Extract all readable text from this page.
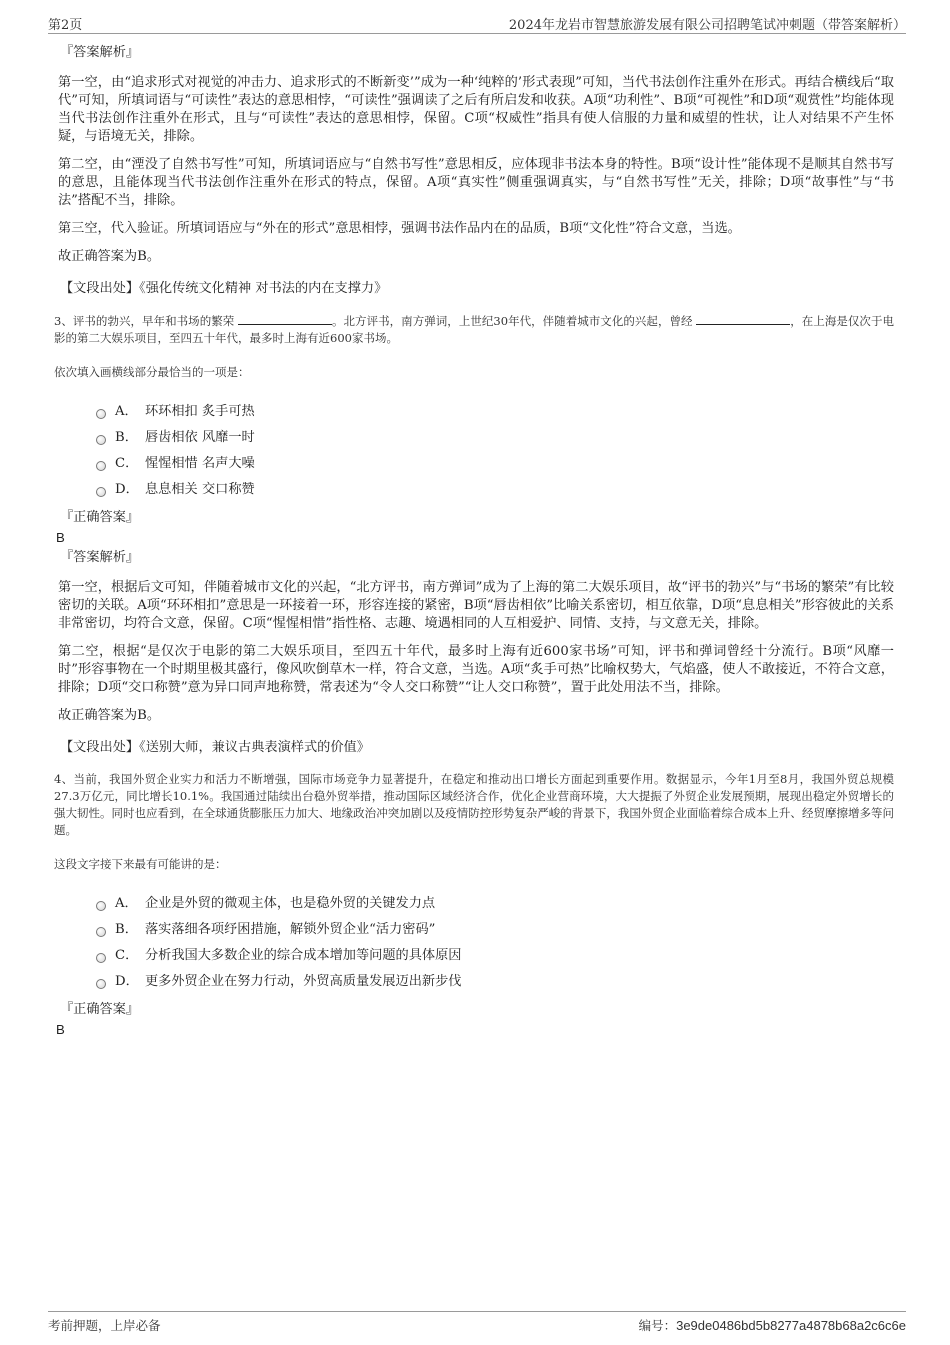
第2页	2024年龙岩市智慧旅游发展有限公司招聘笔试冲刺题（带答案解析）
『答案解析』
第一空，由“追求形式对视觉的冲击力、追求形式的不断新变’”成为一种‘纯粹的’形式表现”可知，当代书法创作注重外在形式。再结合横线后“取代”可知，所填词语与“可读性”表达的意思相悖，“可读性”强调读了之后有所启发和收获。A项“功利性”、B项“可视性”和D项“观赏性”均能体现当代书法创作注重外在形式，且与“可读性”表达的意思相悖，保留。C项“权威性”指具有使人信服的力量和威望的性状，让人对结果不产生怀疑，与语境无关，排除。
第二空，由“湮没了自然书写性”可知，所填词语应与“自然书写性”意思相反，应体现非书法本身的特性。B项“设计性”能体现不是顺其自然书写的意思，且能体现当代书法创作注重外在形式的特点，保留。A项“真实性”侧重强调真实，与“自然书写性”无关，排除；D项“故事性”与“书法”搭配不当，排除。
第三空，代入验证。所填词语应与“外在的形式”意思相悖，强调书法作品内在的品质，B项“文化性”符合文意，当选。
故正确答案为B。
【文段出处】《强化传统文化精神 对书法的内在支撑力》
3、评书的勃兴，早年和书场的繁荣	。北方评书，南方弹词，上世纪30年代，伴随着城市文化的兴起，曾经	，在上海是仅次于电影的第二大娱乐项目，至四五十年代，最多时上海有近600家书场。
依次填入画横线部分最恰当的一项是：
A． 环环相扣 炙手可热
B． 唇齿相依 风靡一时
C． 惺惺相惜 名声大噪
D． 息息相关 交口称赞
『正确答案』
B
『答案解析』
第一空，根据后文可知，伴随着城市文化的兴起，“北方评书，南方弹词”成为了上海的第二大娱乐项目，故“评书的勃兴”与“书场的繁荣”有比较密切的关联。A项“环环相扣”意思是一环接着一环，形容连接的紧密，B项“唇齿相依”比喻关系密切，相互依靠，D项“息息相关”形容彼此的关系非常密切，均符合文意，保留。C项“惺惺相惜”指性格、志趣、境遇相同的人互相爱护、同情、支持，与文意无关，排除。
第二空，根据“是仅次于电影的第二大娱乐项目，至四五十年代，最多时上海有近600家书场”可知，评书和弹词曾经十分流行。B项“风靡一时”形容事物在一个时期里极其盛行，像风吹倒草木一样，符合文意，当选。A项“炙手可热”比喻权势大，气焰盛，使人不敢接近，不符合文意，排除；D项“交口称赞”意为异口同声地称赞，常表述为“令人交口称赞”“让人交口称赞”，置于此处用法不当，排除。
故正确答案为B。
【文段出处】《送别大师，兼议古典表演样式的价值》
4、当前，我国外贸企业实力和活力不断增强，国际市场竞争力显著提升，在稳定和推动出口增长方面起到重要作用。数据显示，今年1月至8月，我国外贸总规模27.3万亿元，同比增长10.1%。我国通过陆续出台稳外贸举措，推动国际区域经济合作，优化企业营商环境，大大提振了外贸企业发展预期，展现出稳定外贸增长的强大韧性。同时也应看到，在全球通货膨胀压力加大、地缘政治冲突加剧以及疫情防控形势复杂严峻的背景下，我国外贸企业面临着综合成本上升、经贸摩擦增多等问题。
这段文字接下来最有可能讲的是：
A． 企业是外贸的微观主体，也是稳外贸的关键发力点
B． 落实落细各项纾困措施，解锁外贸企业“活力密码”
C． 分析我国大多数企业的综合成本增加等问题的具体原因
D． 更多外贸企业在努力行动，外贸高质量发展迈出新步伐
『正确答案』
B
考前押题，上岸必备	编号：3e9de0486bd5b8277a4878b68a2c6c6e
